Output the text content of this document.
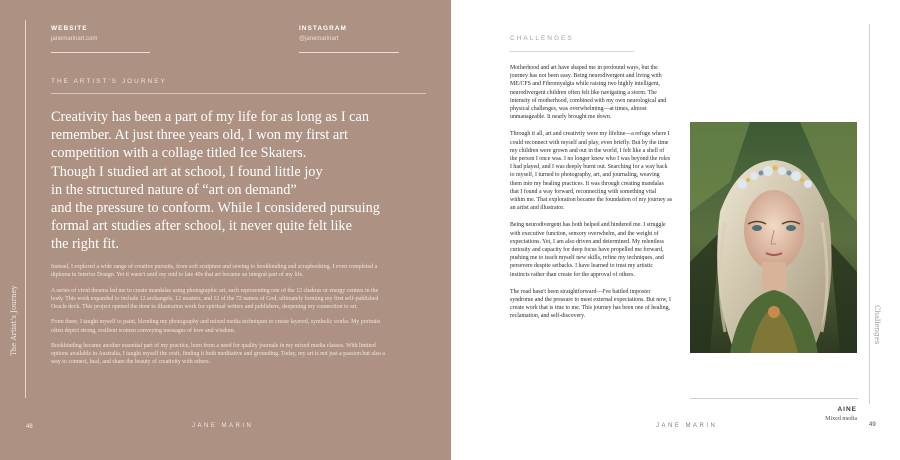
WEBSITE
janemarinart.com
INSTAGRAM
@janemarinart
The Artist's Journey
THE ARTIST'S JOURNEY
Creativity has been a part of my life for as long as I can
remember. At just three years old, I won my first art
competition with a collage titled Ice Skaters.
Though I studied art at school, I found little joy
in the structured nature of “art on demand”
and the pressure to conform. While I considered pursuing
formal art studies after school, it never quite felt like
the right fit.

Instead, I explored a wide range of creative pursuits, from soft sculpture and sewing to bookbinding and scrapbooking. I even completed a diploma in Interior Design. Yet it wasn't until my mid to late 40s that art became an integral part of my life.

A series of vivid dreams led me to create mandalas using photographic art, each representing one of the 12 chakras or energy centers in the body. This work expanded to include 12 archangels, 12 masters, and 12 of the 72 names of God, ultimately forming my first self-published Oracle deck. This project opened the door to illustration work for spiritual writers and publishers, deepening my connection to art.

From there, I taught myself to paint, blending my photography and mixed media techniques to create layered, symbolic works. My portraits often depict strong, resilient women conveying messages of love and wisdom.

Bookbinding became another essential part of my practice, born from a need for quality journals in my mixed media classes. With limited options available in Australia, I taught myself the craft, finding it both meditative and grounding. Today, my art is not just a passion but also a way to connect, heal, and share the beauty of creativity with others.

48	JANE MARIN
CHALLENGES

Motherhood and art have shaped me in profound ways, but the journey has not been easy. Being neurodivergent and living with ME/CFS and Fibromyalgia while raising two highly intelligent, neurodivergent children often felt like navigating a storm. The intensity of motherhood, combined with my own neurological and physical challenges, was overwhelming—at times, almost unmanageable. It nearly brought me down.

Through it all, art and creativity were my lifeline—a refuge where I could reconnect with myself and play, even briefly. But by the time my children were grown and out in the world, I felt like a shell of the person I once was. I no longer knew who I was beyond the roles I had played, and I was deeply burnt out. Searching for a way back to myself, I turned to photography, art, and journaling, weaving them into my healing practices. It was through creating mandalas that I found a way forward, reconnecting with something vital within me. That exploration became the foundation of my journey as an artist and illustrator.

Being neurodivergent has both helped and hindered me. I struggle with executive function, sensory overwhelm, and the weight of expectations. Yet, I am also driven and determined. My relentless curiosity and capacity for deep focus have propelled me forward, pushing me to teach myself new skills, refine my techniques, and persevere despite setbacks. I have learned to trust my artistic instincts rather than create for the approval of others.

The road hasn't been straightforward—I've battled imposter syndrome and the pressure to meet external expectations. But now, I create work that is true to me. This journey has been one of healing, reclamation, and self-discovery.	Challenges
AINE
Mixed media
JANE MARIN	49
